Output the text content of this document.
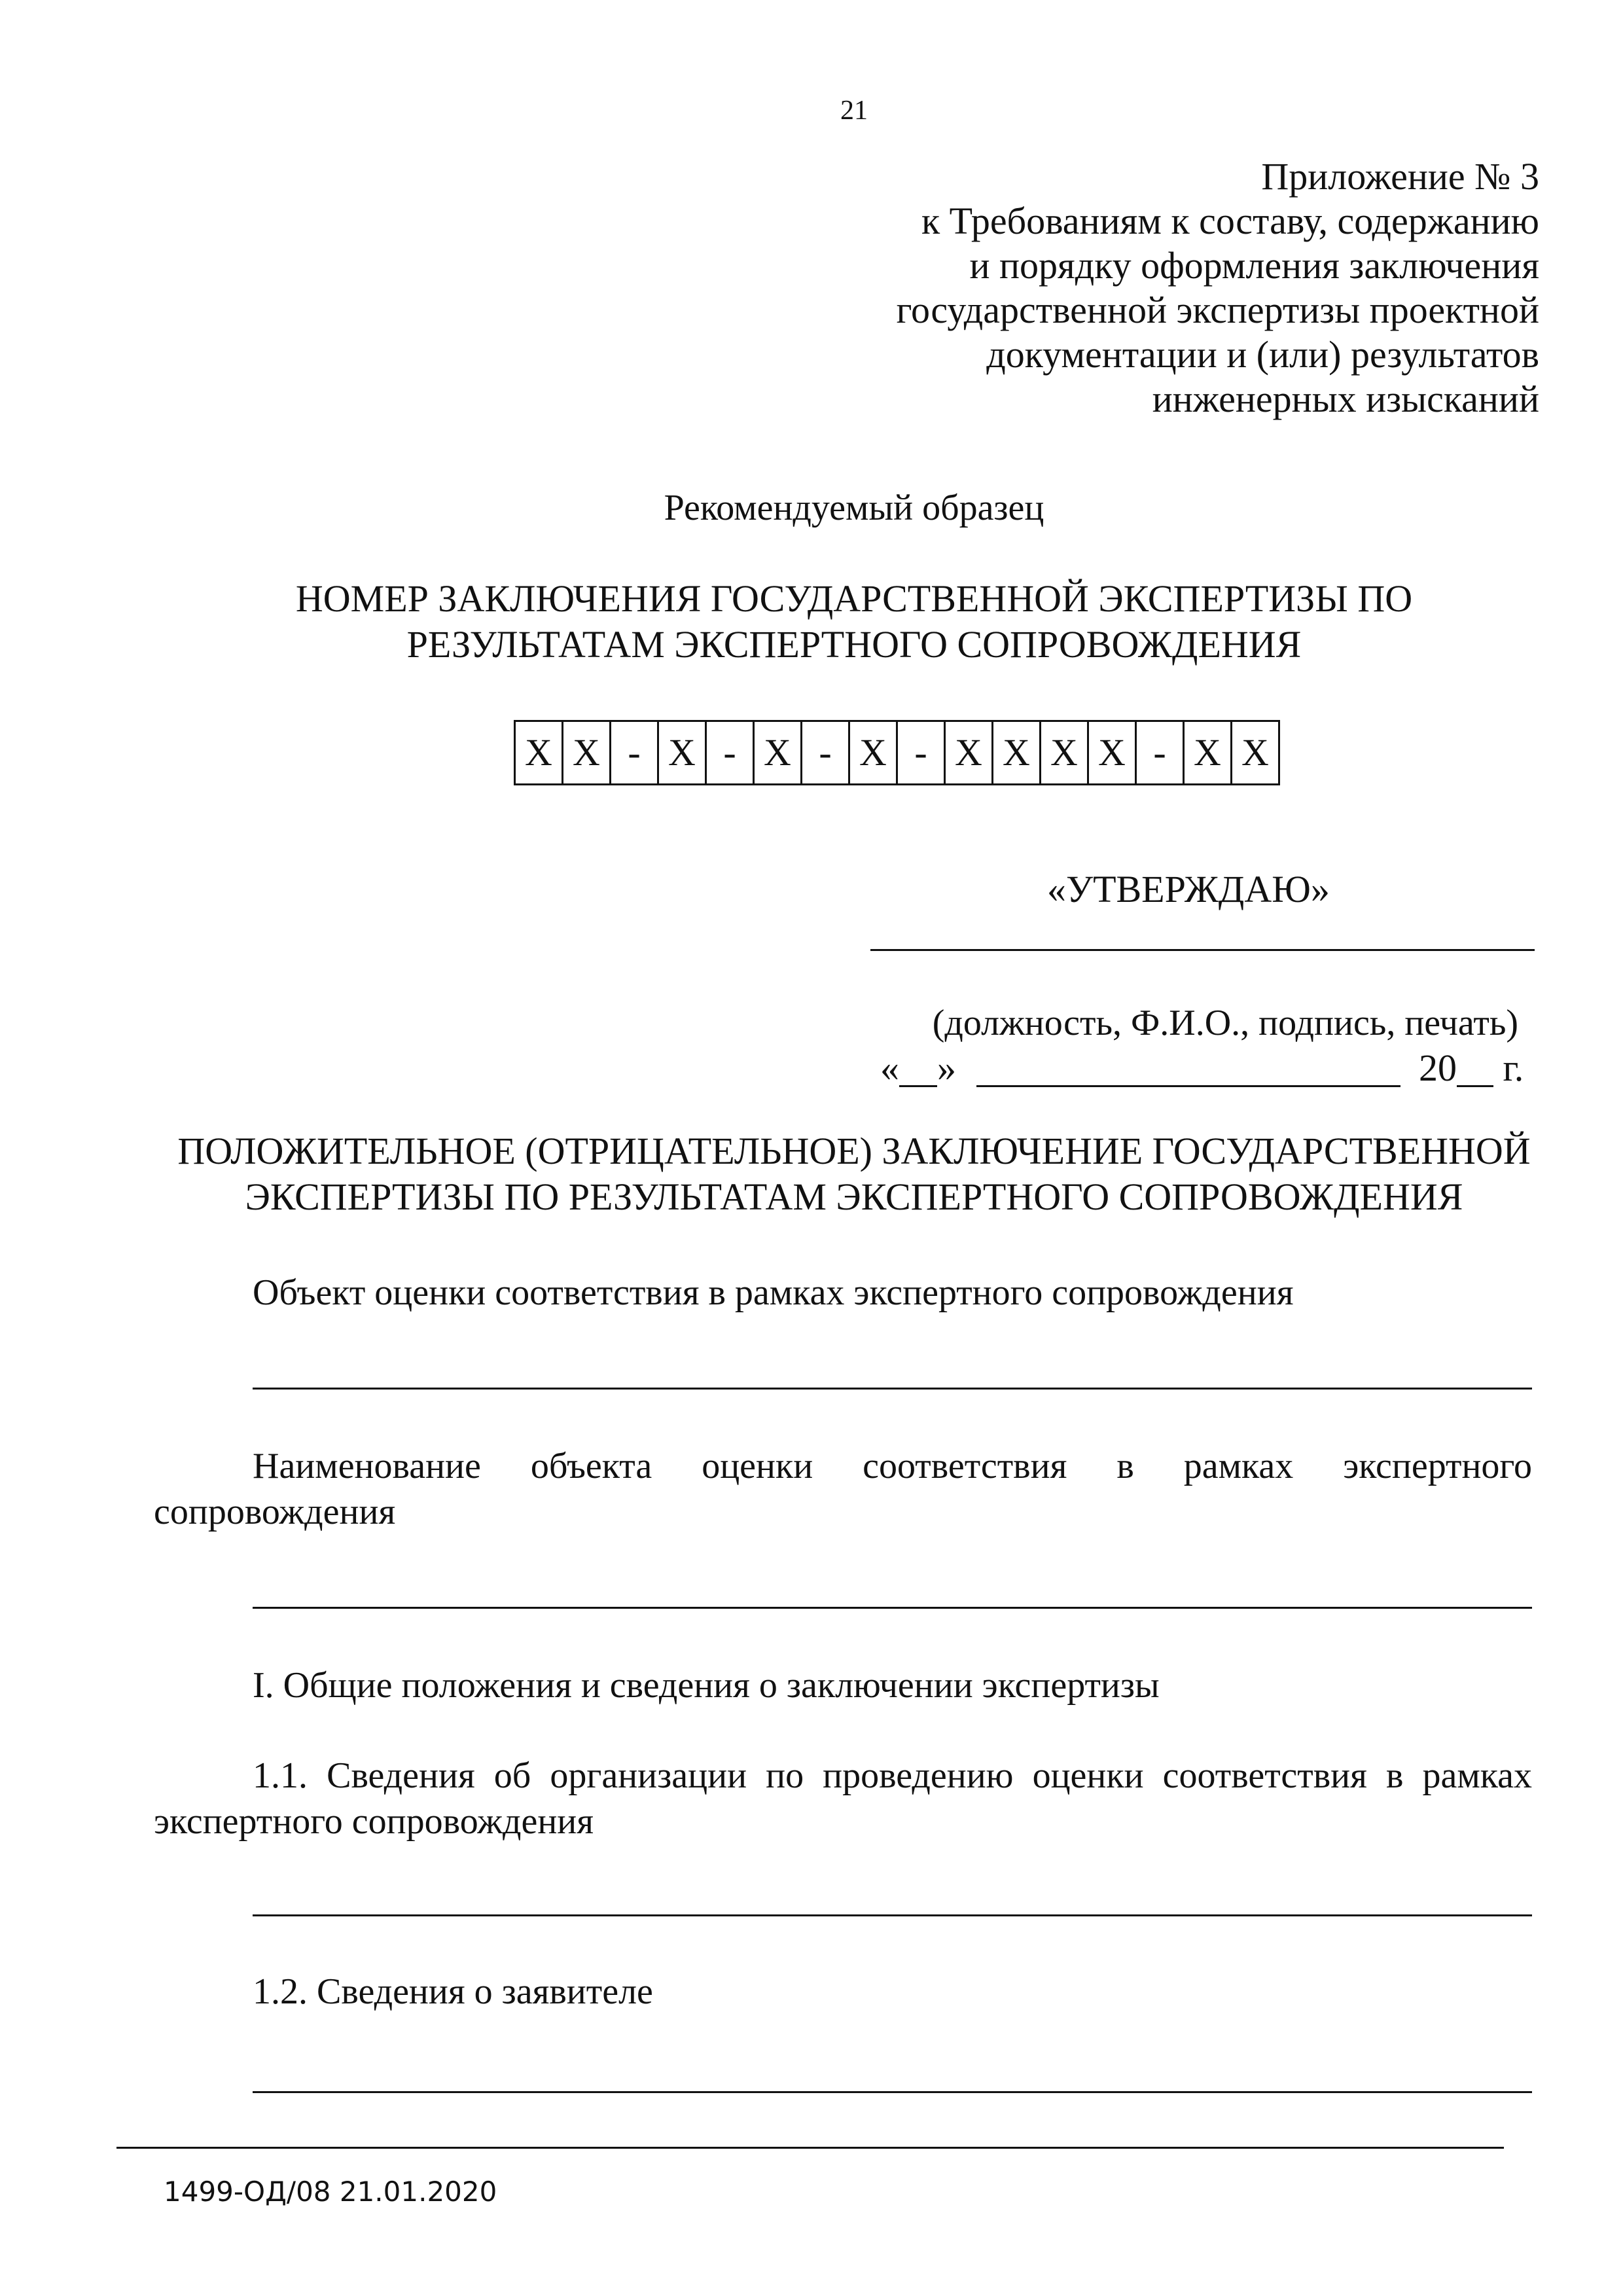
21
Приложение № 3
к Требованиям к составу, содержанию
и порядку оформления заключения
государственной экспертизы проектной
документации и (или) результатов
инженерных изысканий
Рекомендуемый образец
НОМЕР ЗАКЛЮЧЕНИЯ ГОСУДАРСТВЕННОЙ ЭКСПЕРТИЗЫ ПО
РЕЗУЛЬТАТАМ ЭКСПЕРТНОГО СОПРОВОЖДЕНИЯ
X	X	-	X	-	X	-	X	-	X	X	X	X	-	X	X
«УТВЕРЖДАЮ»
(должность, Ф.И.О., подпись, печать)
« »	20 г.
ПОЛОЖИТЕЛЬНОЕ (ОТРИЦАТЕЛЬНОЕ) ЗАКЛЮЧЕНИЕ ГОСУДАРСТВЕННОЙ
ЭКСПЕРТИЗЫ ПО РЕЗУЛЬТАТАМ ЭКСПЕРТНОГО СОПРОВОЖДЕНИЯ
Объект оценки соответствия в рамках экспертного сопровождения
Наименование объекта оценки соответствия в рамках экспертного
сопровождения
I. Общие положения и сведения о заключении экспертизы
1.1. Сведения об организации по проведению оценки соответствия в рамках
экспертного сопровождения
1.2. Сведения о заявителе
1499-ОД/08 21.01.2020
